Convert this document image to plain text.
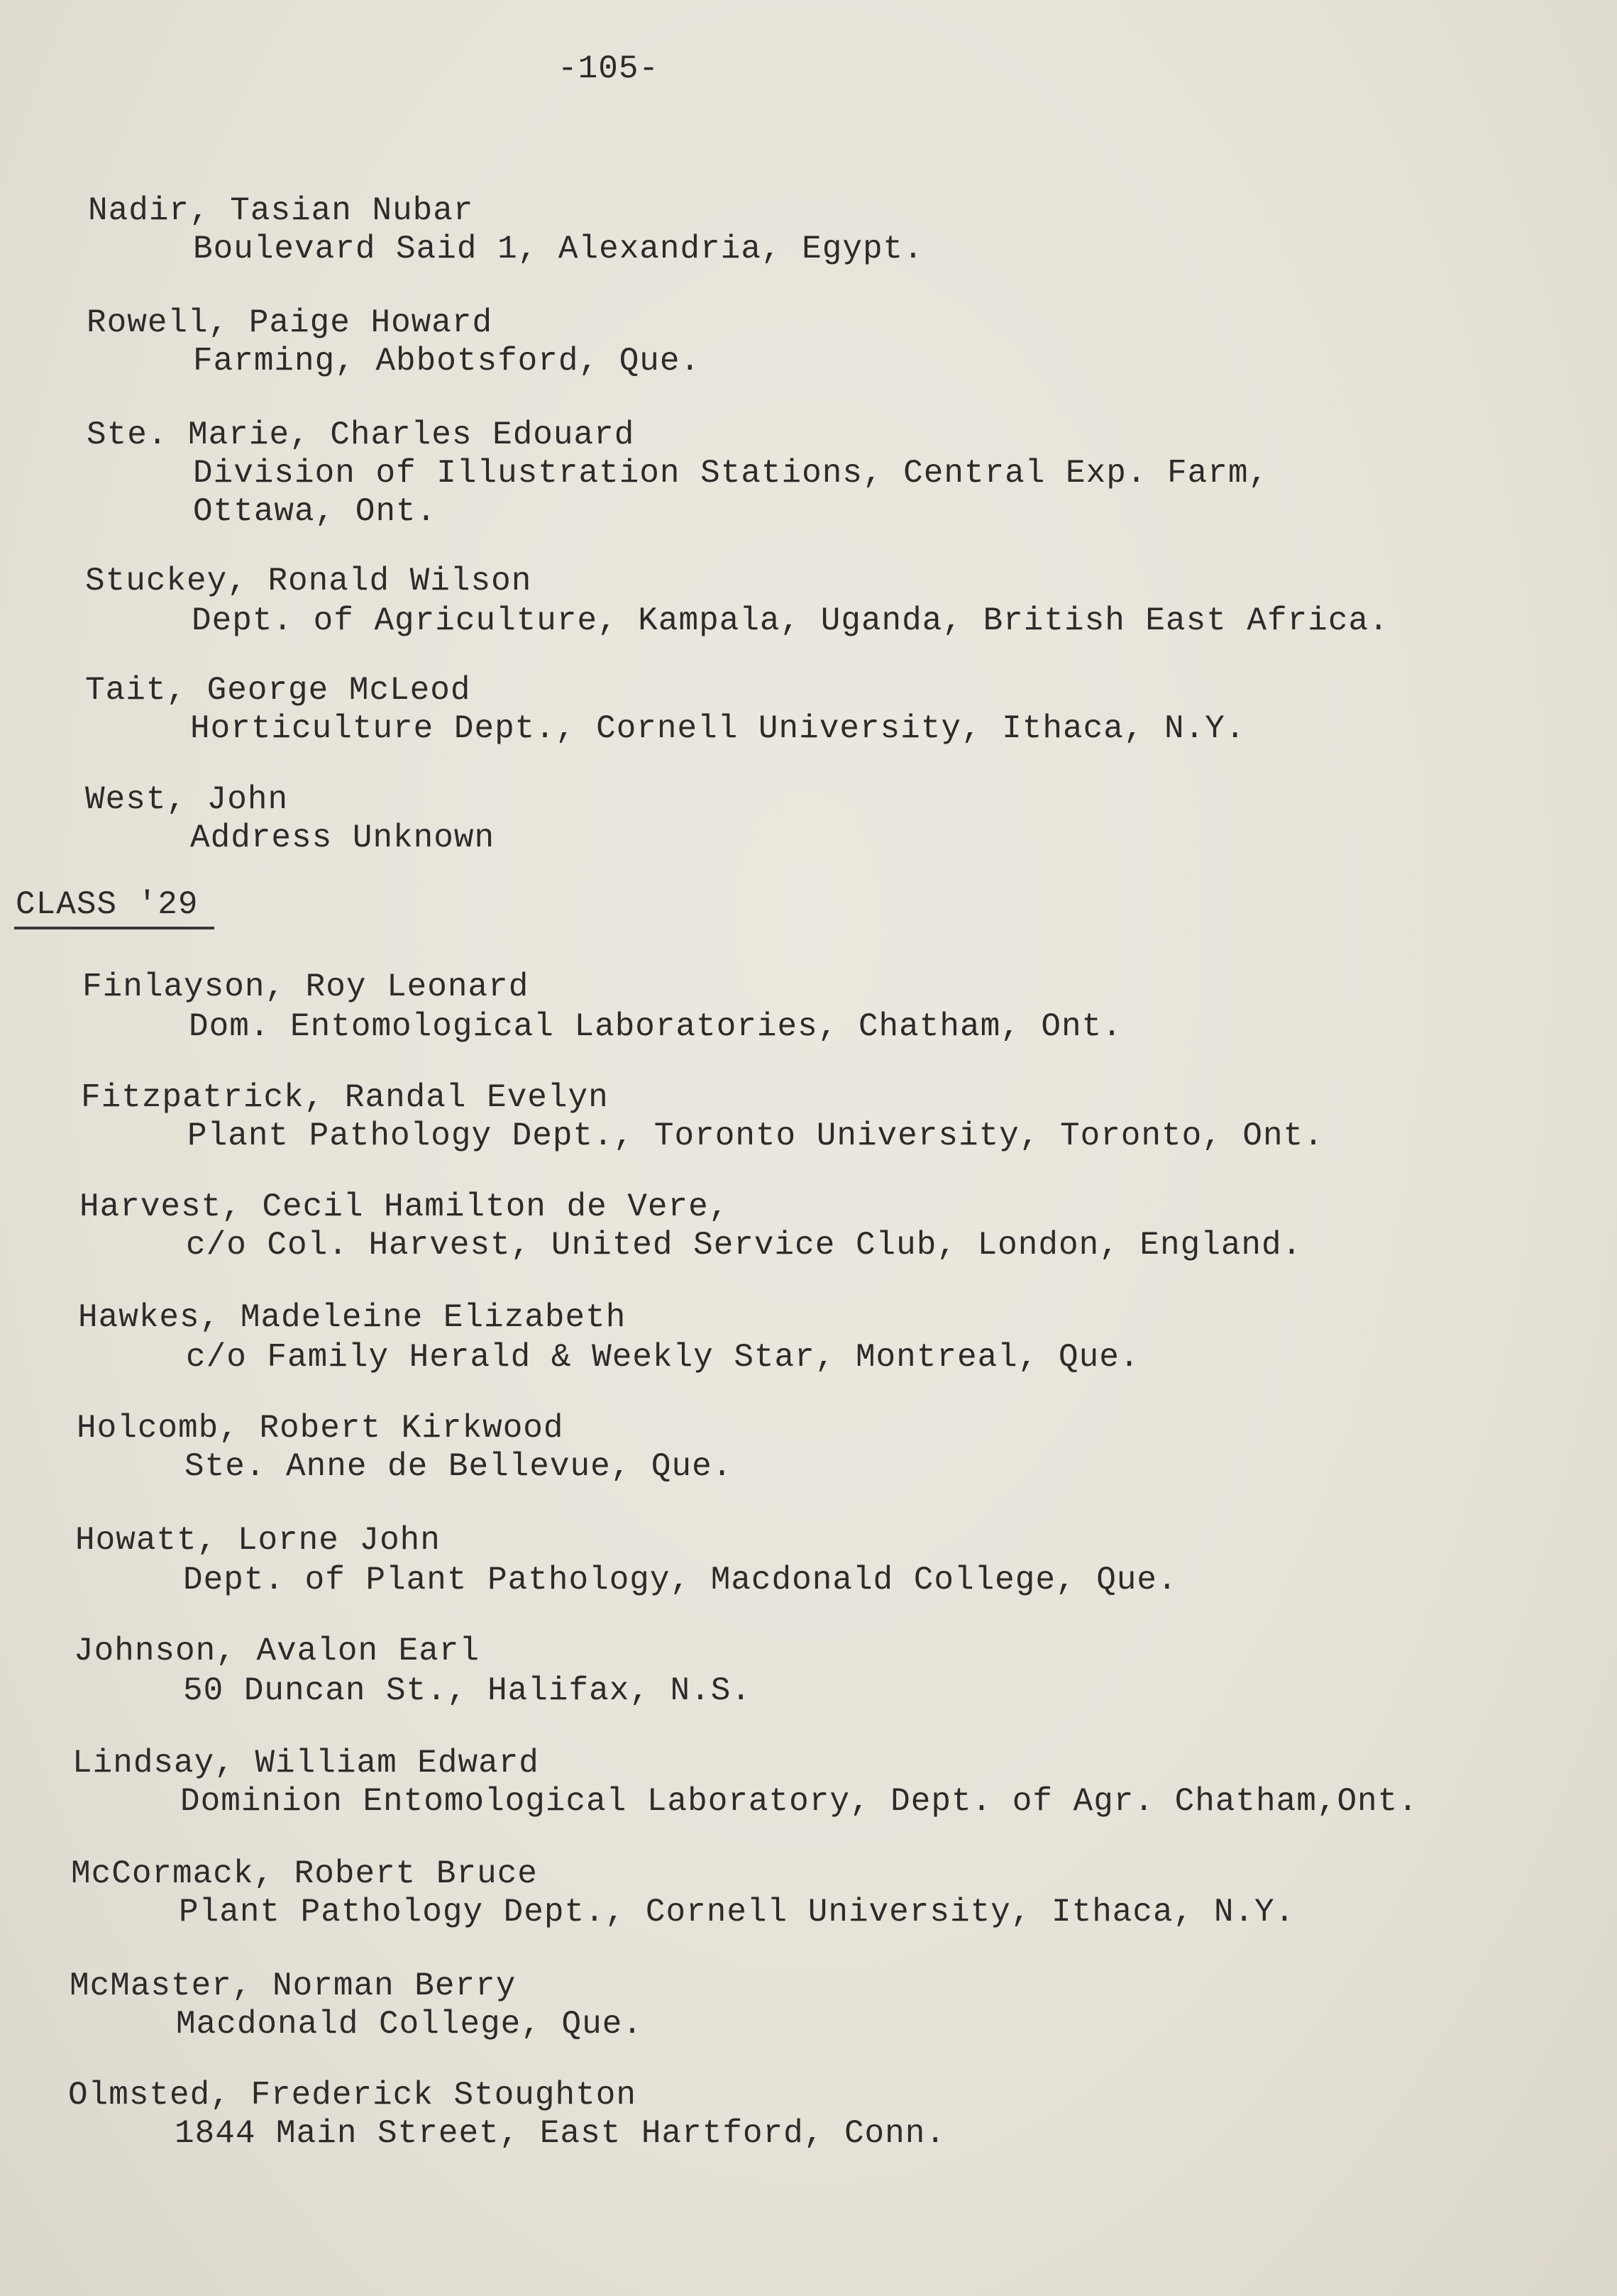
-105-
Nadir, Tasian Nubar
Boulevard Said 1, Alexandria, Egypt.
Rowell, Paige Howard
Farming, Abbotsford, Que.
Ste. Marie, Charles Edouard
Division of Illustration Stations, Central Exp. Farm,
Ottawa, Ont.
Stuckey, Ronald Wilson
Dept. of Agriculture, Kampala, Uganda, British East Africa.
Tait, George McLeod
Horticulture Dept., Cornell University, Ithaca, N.Y.
West, John
Address Unknown
CLASS '29
Finlayson, Roy Leonard
Dom. Entomological Laboratories, Chatham, Ont.
Fitzpatrick, Randal Evelyn
Plant Pathology Dept., Toronto University, Toronto, Ont.
Harvest, Cecil Hamilton de Vere,
c/o Col. Harvest, United Service Club, London, England.
Hawkes, Madeleine Elizabeth
c/o Family Herald & Weekly Star, Montreal, Que.
Holcomb, Robert Kirkwood
Ste. Anne de Bellevue, Que.
Howatt, Lorne John
Dept. of Plant Pathology, Macdonald College, Que.
Johnson, Avalon Earl
50 Duncan St., Halifax, N.S.
Lindsay, William Edward
Dominion Entomological Laboratory, Dept. of Agr. Chatham,Ont.
McCormack, Robert Bruce
Plant Pathology Dept., Cornell University, Ithaca, N.Y.
McMaster, Norman Berry
Macdonald College, Que.
Olmsted, Frederick Stoughton
1844 Main Street, East Hartford, Conn.
